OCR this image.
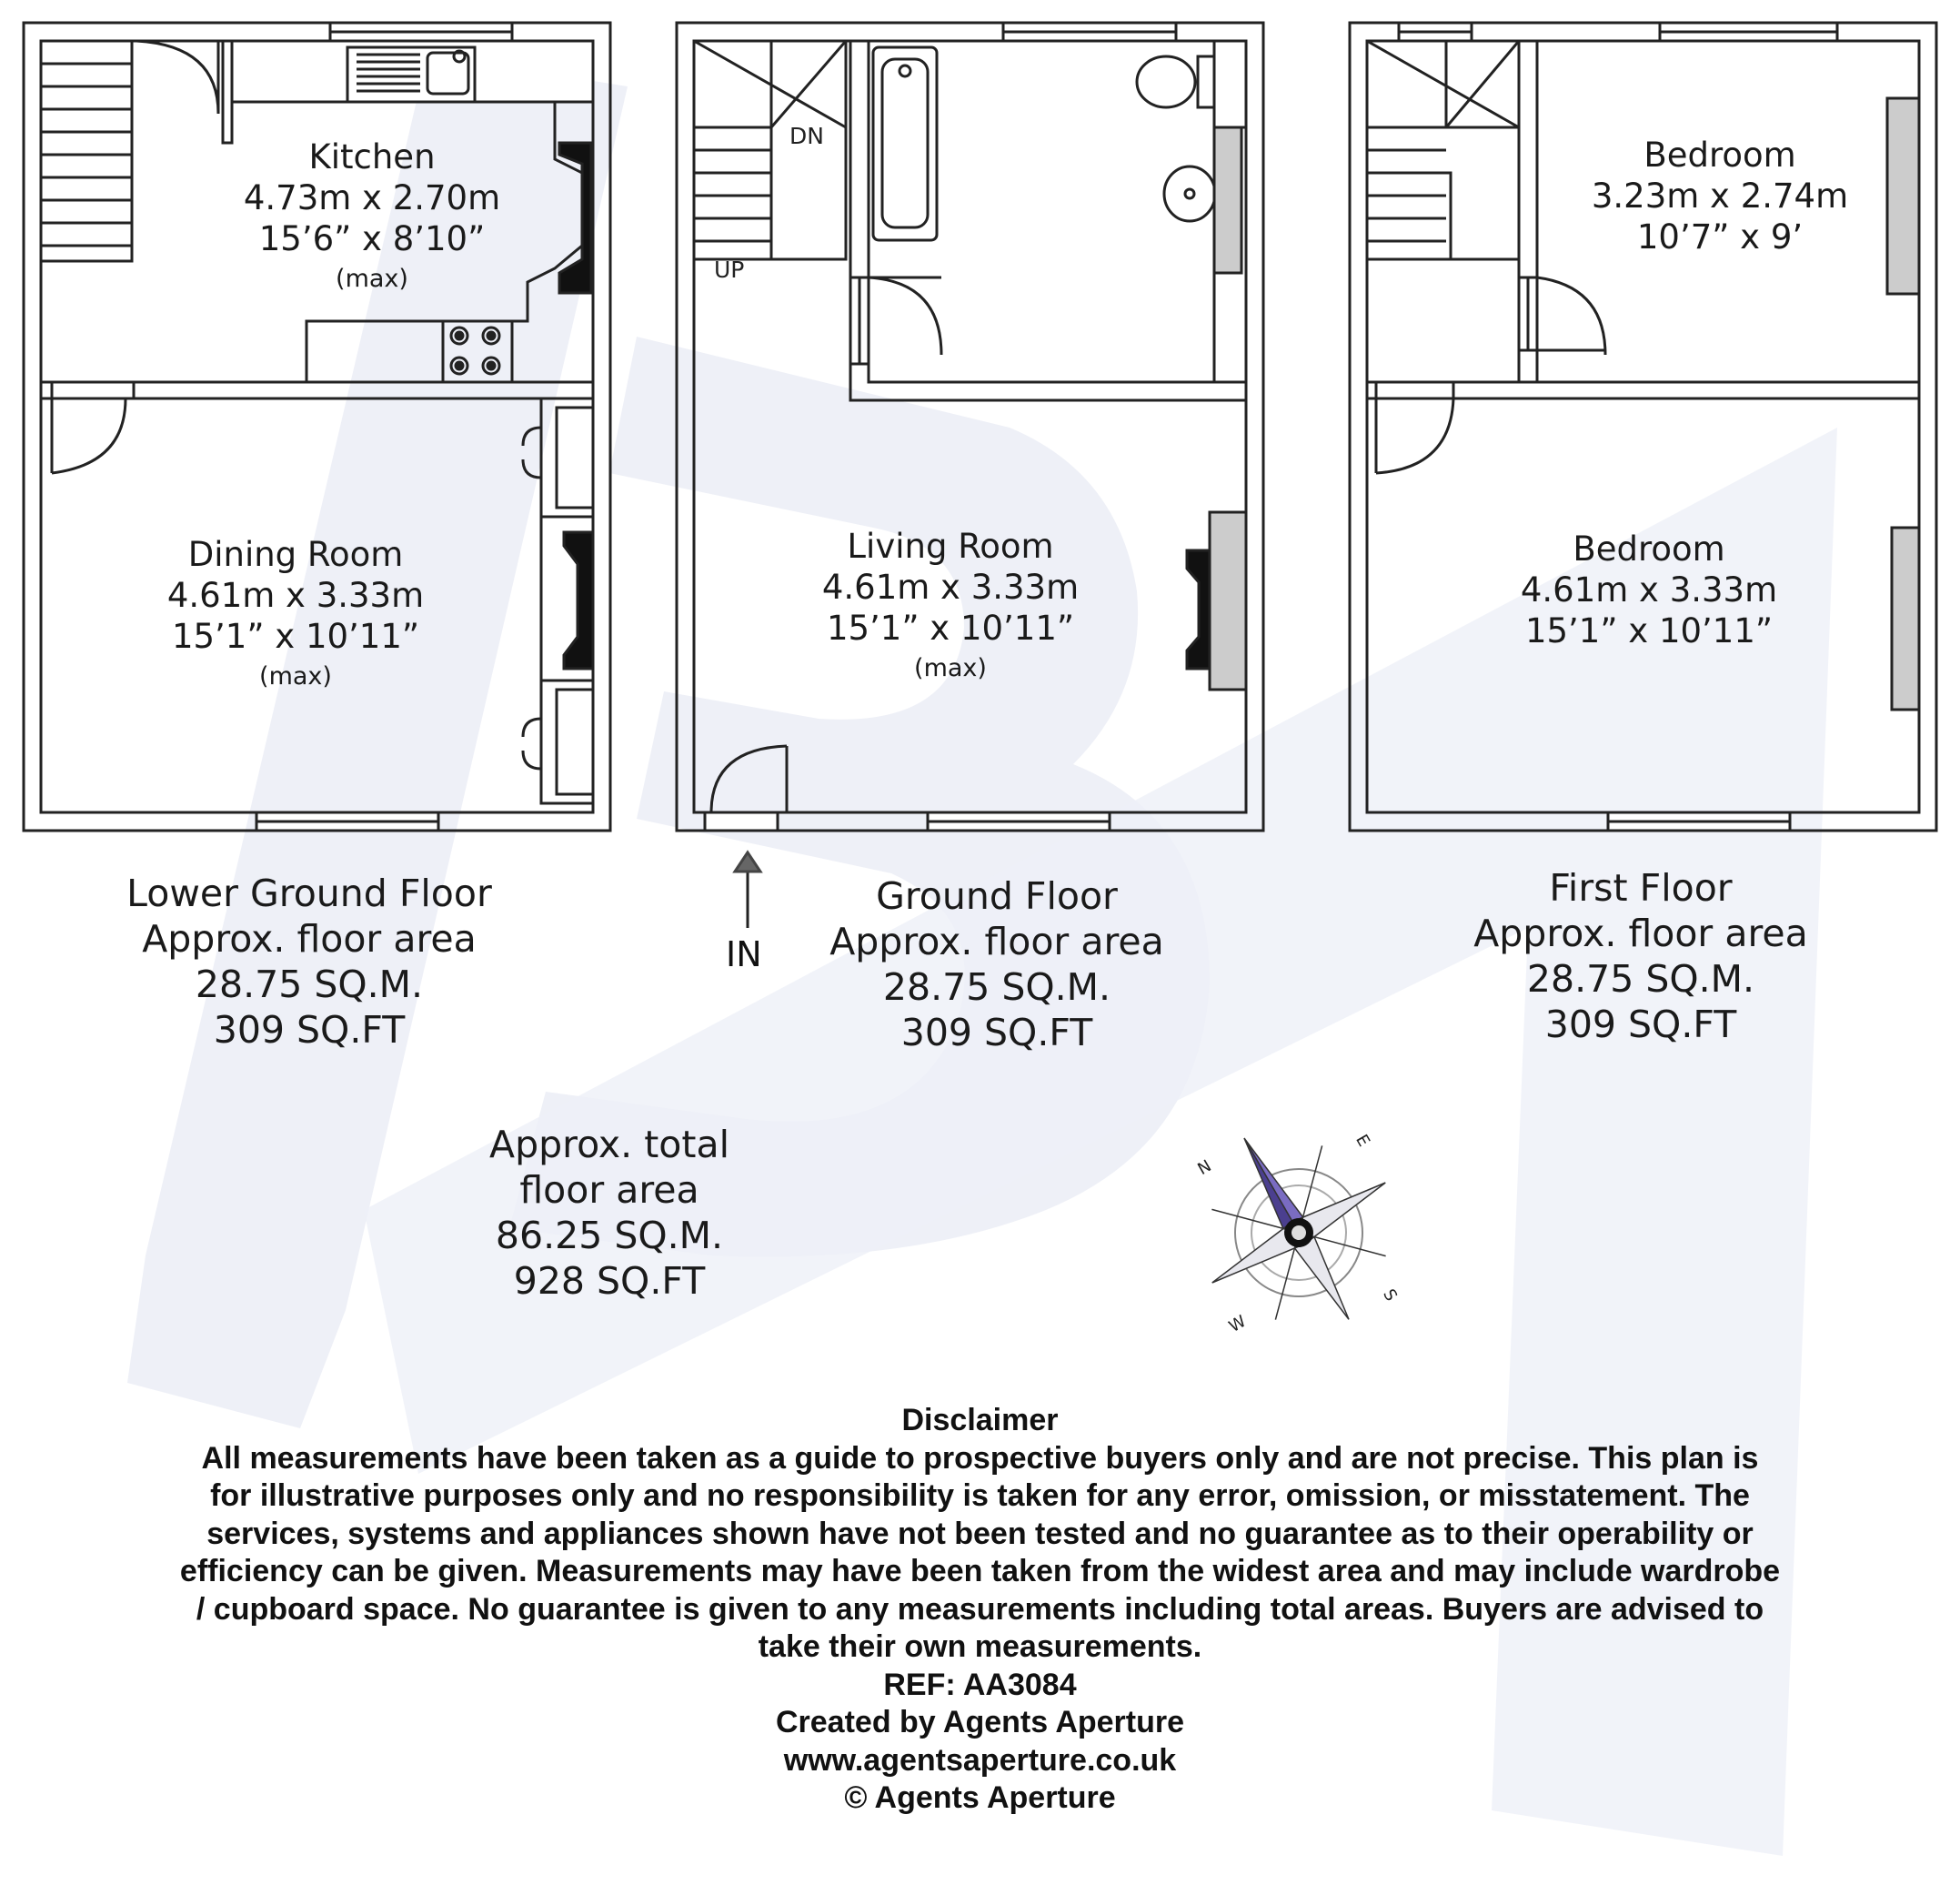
Kitchen
4.73m x 2.70m
15’6” x 8’10”
(max)
Dining Room
4.61m x 3.33m
15’1” x 10’11”
(max)
Living Room
4.61m x 3.33m
15’1” x 10’11”
(max)
Bedroom
3.23m x 2.74m
10’7” x 9’
Bedroom
4.61m x 3.33m
15’1” x 10’11”
DN
UP
IN
Lower Ground Floor
Approx. floor area
28.75 SQ.M.
309 SQ.FT
Ground Floor
Approx. floor area
28.75 SQ.M.
309 SQ.FT
First Floor
Approx. floor area
28.75 SQ.M.
309 SQ.FT
Approx. total
floor area
86.25 SQ.M.
928 SQ.FT
N
E
S
W
Disclaimer
All measurements have been taken as a guide to prospective buyers only and are not precise. This plan is
for illustrative purposes only and no responsibility is taken for any error, omission, or misstatement. The
services, systems and appliances shown have not been tested and no guarantee as to their operability or
efficiency can be given. Measurements may have been taken from the widest area and may include wardrobe
/ cupboard space. No guarantee is given to any measurements including total areas. Buyers are advised to
take their own measurements.
REF: AA3084
Created by Agents Aperture
www.agentsaperture.co.uk
© Agents Aperture
